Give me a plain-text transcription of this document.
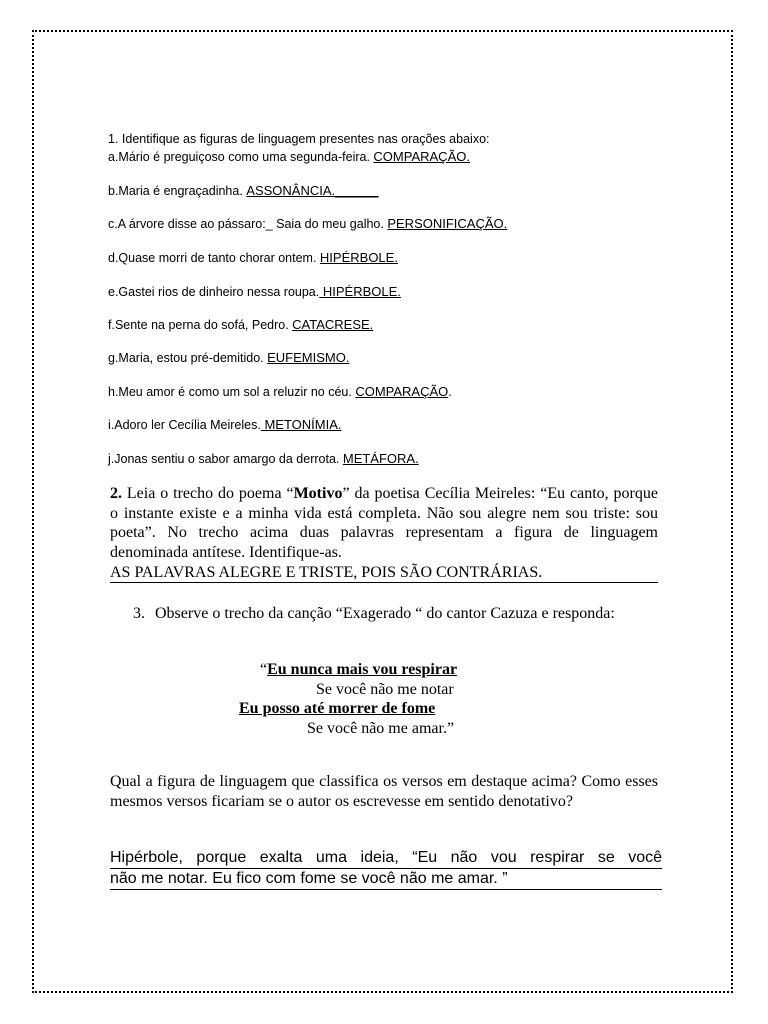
1. Identifique as figuras de linguagem presentes nas orações abaixo:
a.Mário é preguiçoso como uma segunda-feira. COMPARAÇÃO.
b.Maria é engraçadinha. ASSONÂNCIA.______
c.A árvore disse ao pássaro:_ Saia do meu galho. PERSONIFICAÇÃO.
d.Quase morri de tanto chorar ontem. HIPÉRBOLE.
e.Gastei rios de dinheiro nessa roupa. HIPÉRBOLE.
f.Sente na perna do sofá, Pedro. CATACRESE.
g.Maria, estou pré-demitido. EUFEMISMO.
h.Meu amor é como um sol a reluzir no céu. COMPARAÇÃO.
i.Adoro ler Cecília Meireles. METONÍMIA.
j.Jonas sentiu o sabor amargo da derrota. METÁFORA.
2. Leia o trecho do poema “Motivo” da poetisa Cecília Meireles: “Eu canto, porque o instante existe e a minha vida está completa. Não sou alegre nem sou triste: sou poeta”. No trecho acima duas palavras representam a figura de linguagem denominada antítese. Identifique-as.
AS PALAVRAS ALEGRE E TRISTE, POIS SÃO CONTRÁRIAS.
3. Observe o trecho da canção “Exagerado “ do cantor Cazuza e responda:
“Eu nunca mais vou respirar
Se você não me notar
Eu posso até morrer de fome
Se você não me amar.”
Qual a figura de linguagem que classifica os versos em destaque acima? Como esses mesmos versos ficariam se o autor os escrevesse em sentido denotativo?
Hipérbole, porque exalta uma ideia, “Eu não vou respirar se você
não me notar. Eu fico com fome se você não me amar. ”
